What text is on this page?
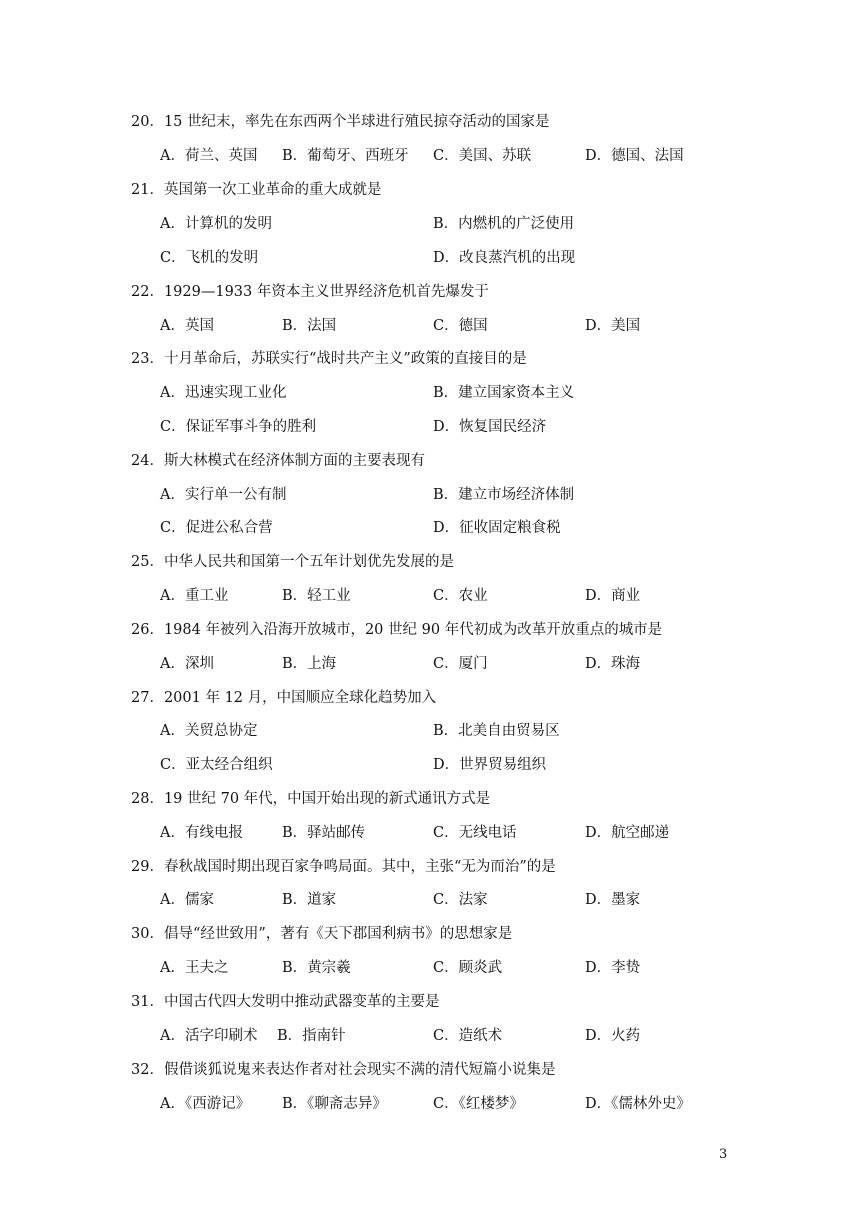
20．15 世纪末，率先在东西两个半球进行殖民掠夺活动的国家是
A．荷兰、英国 B．葡萄牙、西班牙 C．美国、苏联	D．德国、法国
21．英国第一次工业革命的重大成就是
A．计算机的发明	B．内燃机的广泛使用
C．飞机的发明	D．改良蒸汽机的出现
22．1929—1933 年资本主义世界经济危机首先爆发于
A．英国	B．法国	C．德国	D．美国
23．十月革命后，苏联实行“战时共产主义”政策的直接目的是
A．迅速实现工业化	B．建立国家资本主义
C．保证军事斗争的胜利	D．恢复国民经济
24．斯大林模式在经济体制方面的主要表现有
A．实行单一公有制	B．建立市场经济体制
C．促进公私合营	D．征收固定粮食税
25．中华人民共和国第一个五年计划优先发展的是
A．重工业	B．轻工业	C．农业	D．商业
26．1984 年被列入沿海开放城市，20 世纪 90 年代初成为改革开放重点的城市是
A．深圳	B．上海	C．厦门	D．珠海
27．2001 年 12 月，中国顺应全球化趋势加入
A．关贸总协定	B．北美自由贸易区
C．亚太经合组织	D．世界贸易组织
28．19 世纪 70 年代，中国开始出现的新式通讯方式是
A．有线电报	B．驿站邮传	C．无线电话	D．航空邮递
29．春秋战国时期出现百家争鸣局面。其中，主张“无为而治”的是
A．儒家	B．道家	C．法家	D．墨家
30．倡导“经世致用”，著有《天下郡国利病书》的思想家是
A．王夫之	B．黄宗羲	C．顾炎武	D．李贽
31．中国古代四大发明中推动武器变革的主要是
A．活字印刷术 B．指南针	C．造纸术	D．火药
32．假借谈狐说鬼来表达作者对社会现实不满的清代短篇小说集是
A．《西游记》 B．《聊斋志异》	C．《红楼梦》	D．《儒林外史》
3
